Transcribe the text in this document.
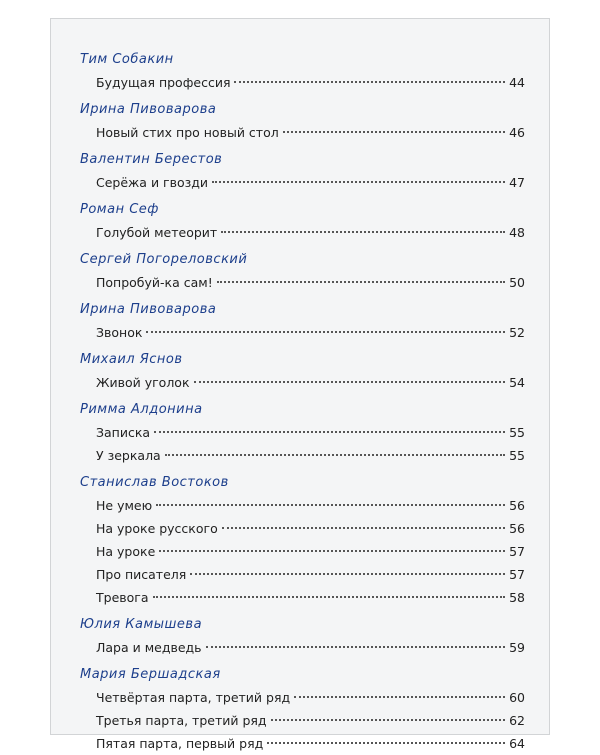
Тим Собакин
Будущая профессия	44
Ирина Пивоварова
Новый стих про новый стол	46
Валентин Берестов
Серёжа и гвозди	47
Роман Сеф
Голубой метеорит	48
Сергей Погореловский
Попробуй-ка сам!	50
Ирина Пивоварова
Звонок	52
Михаил Яснов
Живой уголок	54
Римма Алдонина
Записка	55
У зеркала	55
Станислав Востоков
Не умею	56
На уроке русского	56
На уроке	57
Про писателя	57
Тревога	58
Юлия Камышева
Лара и медведь	59
Мария Бершадская
Четвёртая парта, третий ряд	60
Третья парта, третий ряд	62
Пятая парта, первый ряд	64
